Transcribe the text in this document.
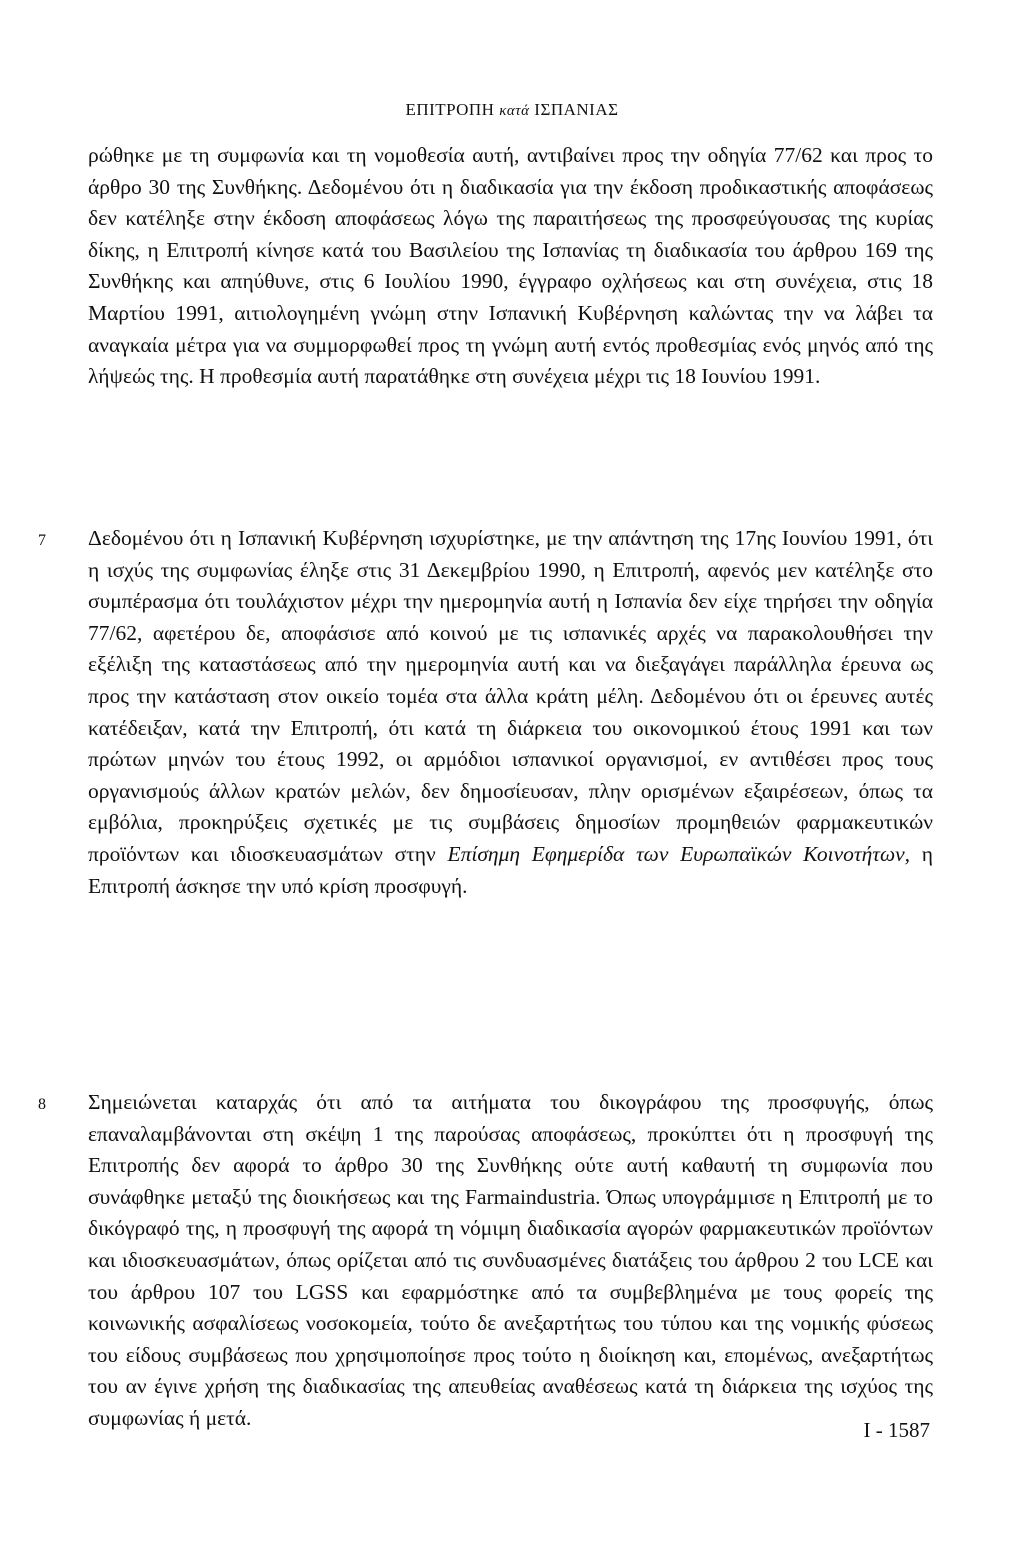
ΕΠΙΤΡΟΠΗ κατά ΙΣΠΑΝΙΑΣ

ρώθηκε με τη συμφωνία και τη νομοθεσία αυτή, αντιβαίνει προς την οδηγία 77/62 και προς το άρθρο 30 της Συνθήκης. Δεδομένου ότι η διαδικασία για την έκδοση προδικαστικής αποφάσεως δεν κατέληξε στην έκδοση αποφάσεως λόγω της παραιτήσεως της προσφεύγουσας της κυρίας δίκης, η Επιτροπή κίνησε κατά του Βασιλείου της Ισπανίας τη διαδικασία του άρθρου 169 της Συνθήκης και απηύθυνε, στις 6 Ιουλίου 1990, έγγραφο οχλήσεως και στη συνέχεια, στις 18 Μαρτίου 1991, αιτιολογημένη γνώμη στην Ισπανική Κυβέρνηση καλώντας την να λάβει τα αναγκαία μέτρα για να συμμορφωθεί προς τη γνώμη αυτή εντός προθεσμίας ενός μηνός από της λήψεώς της. Η προθεσμία αυτή παρατάθηκε στη συνέχεια μέχρι τις 18 Ιουνίου 1991.

7 Δεδομένου ότι η Ισπανική Κυβέρνηση ισχυρίστηκε, με την απάντηση της 17ης Ιουνίου 1991, ότι η ισχύς της συμφωνίας έληξε στις 31 Δεκεμβρίου 1990, η Επιτροπή, αφενός μεν κατέληξε στο συμπέρασμα ότι τουλάχιστον μέχρι την ημερομηνία αυτή η Ισπανία δεν είχε τηρήσει την οδηγία 77/62, αφετέρου δε, αποφάσισε από κοινού με τις ισπανικές αρχές να παρακολουθήσει την εξέλιξη της καταστάσεως από την ημερομηνία αυτή και να διεξαγάγει παράλληλα έρευνα ως προς την κατάσταση στον οικείο τομέα στα άλλα κράτη μέλη. Δεδομένου ότι οι έρευνες αυτές κατέδειξαν, κατά την Επιτροπή, ότι κατά τη διάρκεια του οικονομικού έτους 1991 και των πρώτων μηνών του έτους 1992, οι αρμόδιοι ισπανικοί οργανισμοί, εν αντιθέσει προς τους οργανισμούς άλλων κρατών μελών, δεν δημοσίευσαν, πλην ορισμένων εξαιρέσεων, όπως τα εμβόλια, προκηρύξεις σχετικές με τις συμβάσεις δημοσίων προμηθειών φαρμακευτικών προϊόντων και ιδιοσκευασμάτων στην Επίσημη Εφημερίδα των Ευρωπαϊκών Κοινοτήτων, η Επιτροπή άσκησε την υπό κρίση προσφυγή.

8 Σημειώνεται καταρχάς ότι από τα αιτήματα του δικογράφου της προσφυγής, όπως επαναλαμβάνονται στη σκέψη 1 της παρούσας αποφάσεως, προκύπτει ότι η προσφυγή της Επιτροπής δεν αφορά το άρθρο 30 της Συνθήκης ούτε αυτή καθαυτή τη συμφωνία που συνάφθηκε μεταξύ της διοικήσεως και της Farmaindustria. Όπως υπογράμμισε η Επιτροπή με το δικόγραφό της, η προσφυγή της αφορά τη νόμιμη διαδικασία αγορών φαρμακευτικών προϊόντων και ιδιοσκευασμάτων, όπως ορίζεται από τις συνδυασμένες διατάξεις του άρθρου 2 του LCE και του άρθρου 107 του LGSS και εφαρμόστηκε από τα συμβεβλημένα με τους φορείς της κοινωνικής ασφαλίσεως νοσοκομεία, τούτο δε ανεξαρτήτως του τύπου και της νομικής φύσεως του είδους συμβάσεως που χρησιμοποίησε προς τούτο η διοίκηση και, επομένως, ανεξαρτήτως του αν έγινε χρήση της διαδικασίας της απευθείας αναθέσεως κατά τη διάρκεια της ισχύος της συμφωνίας ή μετά.

I - 1587
